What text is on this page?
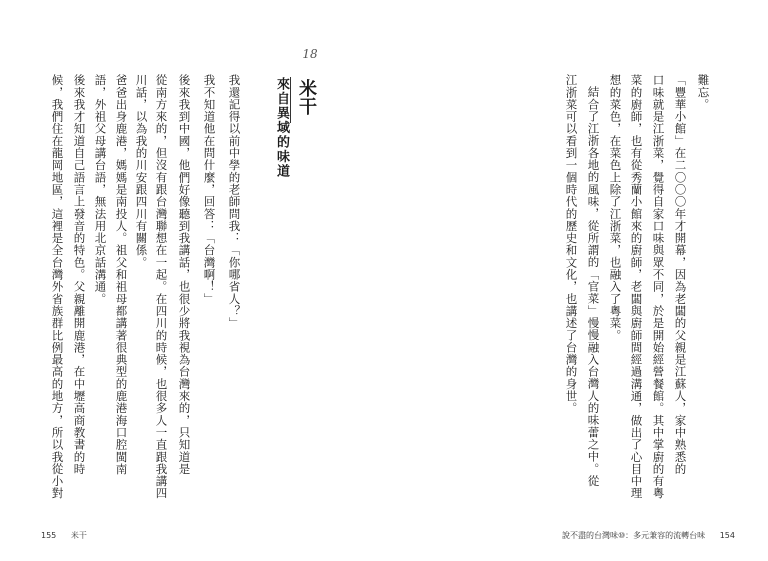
18
米干
來自異域的味道
我還記得以前中學的老師問我：「你哪省人？」
我不知道他在問什麼，回答：「台灣啊！」
後來我到中國，他們好像聽到我講話，也很少將我視為台灣來的，只知道是
從南方來的，但沒有跟台灣聯想在一起。在四川的時候，也很多人一直跟我講四
川話，以為我的川安跟四川有關係。
爸爸出身鹿港，媽媽是南投人。祖父和祖母都講著很典型的鹿港海口腔閩南
語，外祖父母講台語，無法用北京話溝通。
後來我才知道自己語言上發音的特色。父親離開鹿港，在中壢高商教書的時
候，我們住在龍岡地區，這裡是全台灣外省族群比例最高的地方，所以我從小對
155 米干
難忘。
「豐華小館」在二〇〇〇年才開幕，因為老闆的父親是江蘇人，家中熟悉的
口味就是江浙菜，覺得自家口味與眾不同，於是開始經營餐館。其中掌廚的有粵
菜的廚師，也有從秀蘭小館來的廚師，老闆與廚師間經過溝通，做出了心目中理
想的菜色，在菜色上除了江浙菜，也融入了粵菜。
結合了江浙各地的風味，從所謂的「官菜」慢慢融入台灣人的味蕾之中。從
江浙菜可以看到一個時代的歷史和文化，也講述了台灣的身世。
說不盡的台灣味⑩：多元兼容的流轉台味 154
